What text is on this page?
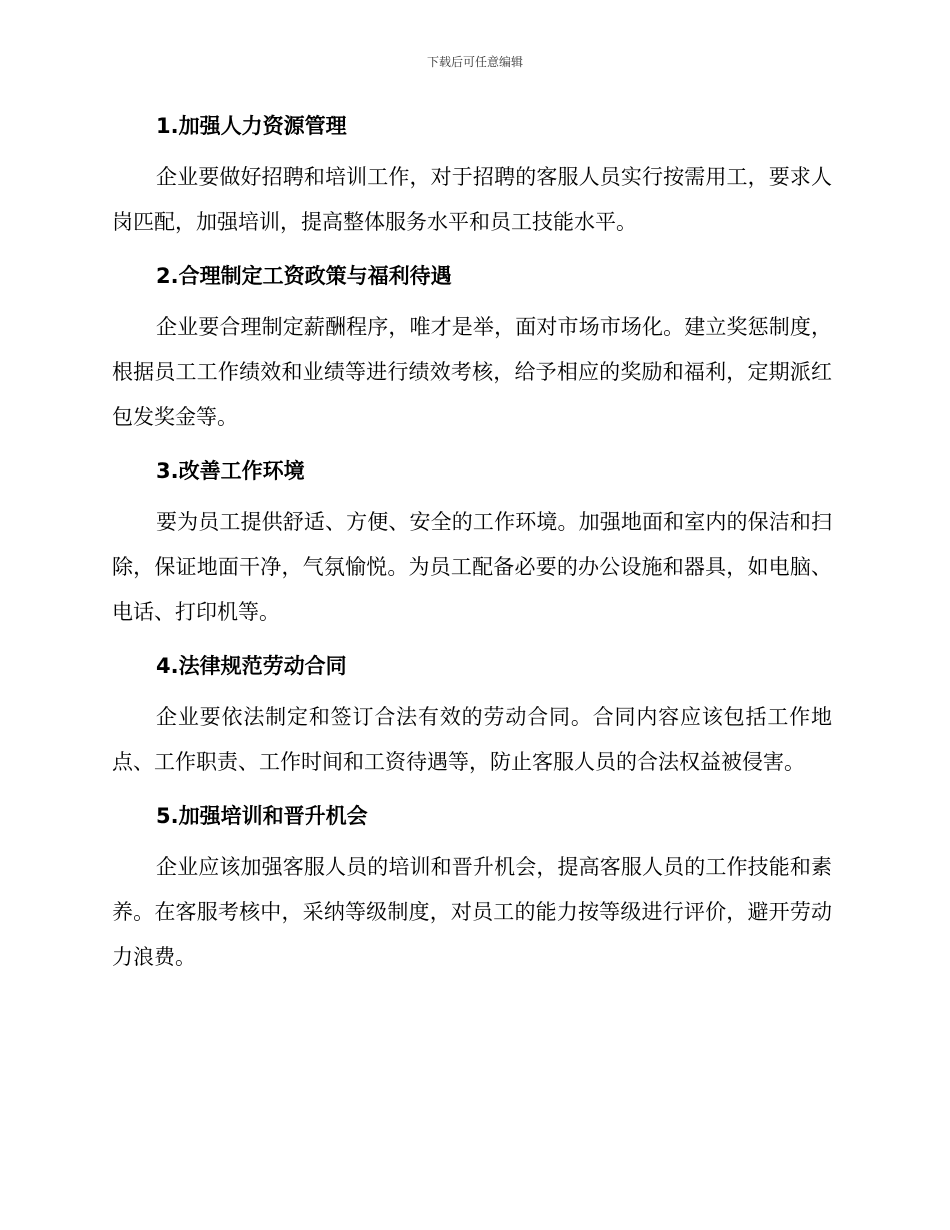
下载后可任意编辑
1.加强人力资源管理

企业要做好招聘和培训工作，对于招聘的客服人员实行按需用工，要求人岗匹配，加强培训，提高整体服务水平和员工技能水平。

2.合理制定工资政策与福利待遇

企业要合理制定薪酬程序，唯才是举，面对市场市场化。建立奖惩制度，根据员工工作绩效和业绩等进行绩效考核，给予相应的奖励和福利，定期派红包发奖金等。

3.改善工作环境

要为员工提供舒适、方便、安全的工作环境。加强地面和室内的保洁和扫除，保证地面干净，气氛愉悦。为员工配备必要的办公设施和器具，如电脑、电话、打印机等。

4.法律规范劳动合同

企业要依法制定和签订合法有效的劳动合同。合同内容应该包括工作地点、工作职责、工作时间和工资待遇等，防止客服人员的合法权益被侵害。

5.加强培训和晋升机会

企业应该加强客服人员的培训和晋升机会，提高客服人员的工作技能和素养。在客服考核中，采纳等级制度，对员工的能力按等级进行评价，避开劳动力浪费。
